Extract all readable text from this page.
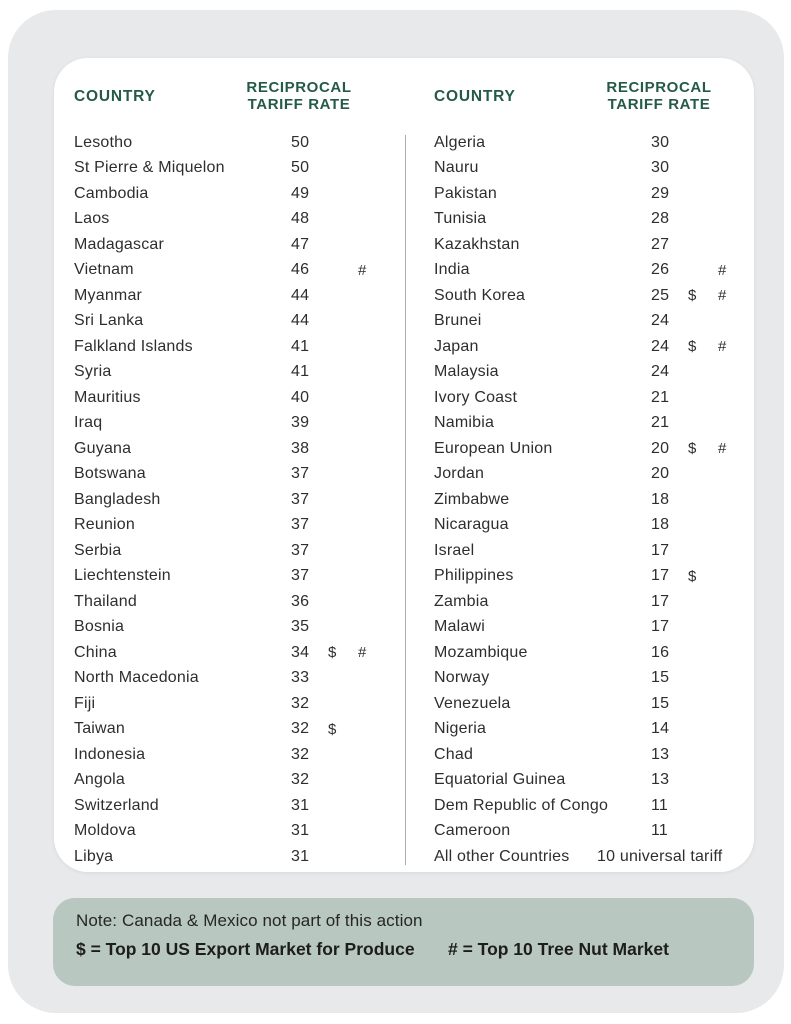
COUNTRY
RECIPROCAL
TARIFF RATE
Lesotho	50
St Pierre & Miquelon	50
Cambodia	49
Laos	48
Madagascar	47
Vietnam	46	#
Myanmar	44
Sri Lanka	44
Falkland Islands	41
Syria	41
Mauritius	40
Iraq	39
Guyana	38
Botswana	37
Bangladesh	37
Reunion	37
Serbia	37
Liechtenstein	37
Thailand	36
Bosnia	35
China	34	$	#
North Macedonia	33
Fiji	32
Taiwan	32	$
Indonesia	32
Angola	32
Switzerland	31
Moldova	31
Libya	31
COUNTRY
RECIPROCAL
TARIFF RATE
Algeria	30
Nauru	30
Pakistan	29
Tunisia	28
Kazakhstan	27
India	26	#
South Korea	25	$	#
Brunei	24
Japan	24	$	#
Malaysia	24
Ivory Coast	21
Namibia	21
European Union	20	$	#
Jordan	20
Zimbabwe	18
Nicaragua	18
Israel	17
Philippines	17	$
Zambia	17
Malawi	17
Mozambique	16
Norway	15
Venezuela	15
Nigeria	14
Chad	13
Equatorial Guinea	13
Dem Republic of Congo	11
Cameroon	11
All other Countries	10 universal tariff
Note: Canada & Mexico not part of this action
$ = Top 10 US Export Market for Produce	# = Top 10 Tree Nut Market
